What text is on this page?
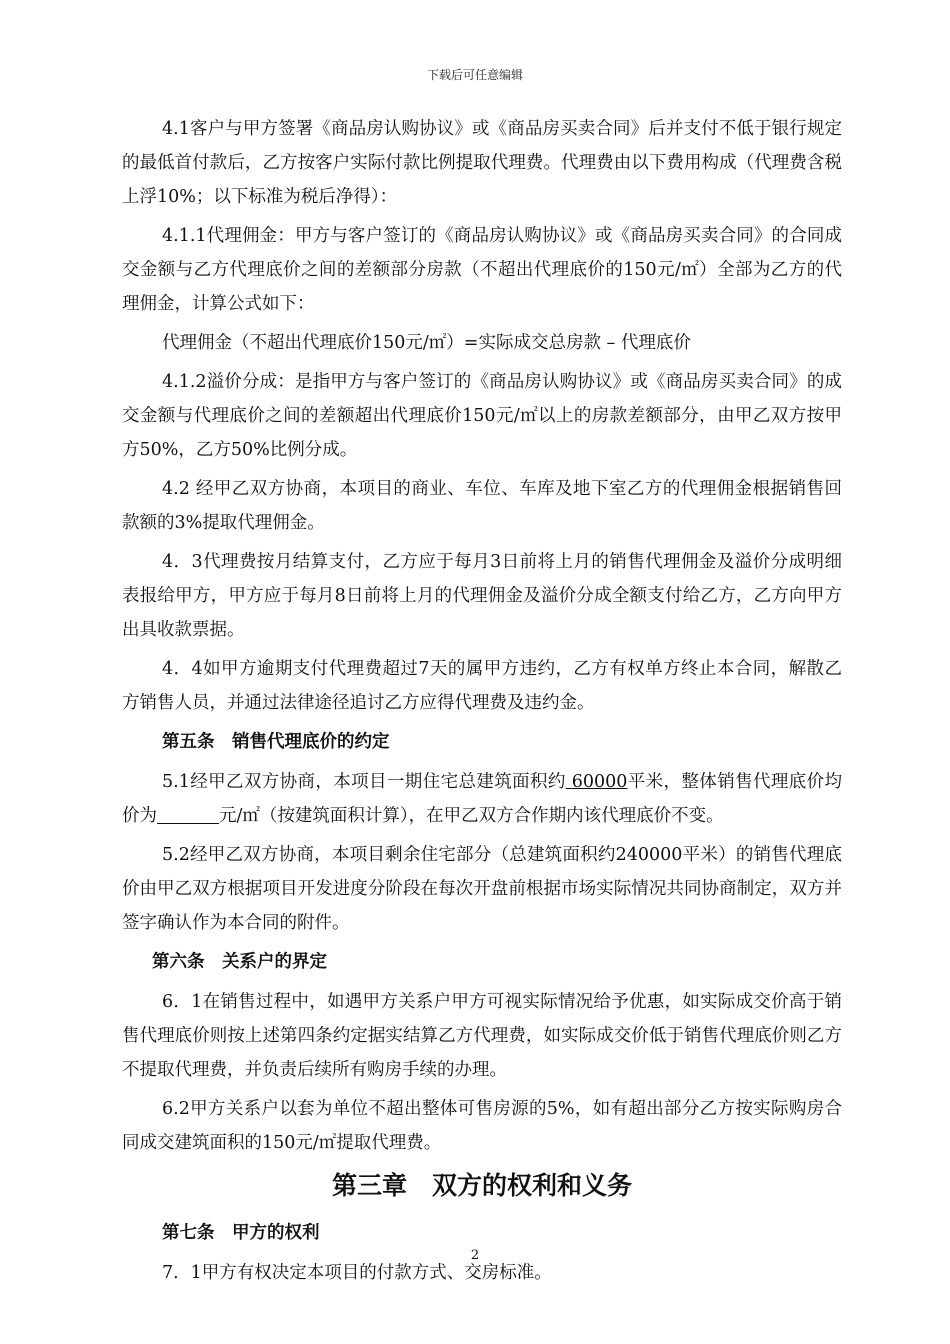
下载后可任意编辑

4.1客户与甲方签署《商品房认购协议》或《商品房买卖合同》后并支付不低于银行规定的最低首付款后，乙方按客户实际付款比例提取代理费。代理费由以下费用构成（代理费含税上浮10%；以下标准为税后净得）：

4.1.1代理佣金：甲方与客户签订的《商品房认购协议》或《商品房买卖合同》的合同成交金额与乙方代理底价之间的差额部分房款（不超出代理底价的150元/㎡）全部为乙方的代理佣金，计算公式如下：

代理佣金（不超出代理底价150元/㎡）=实际成交总房款 – 代理底价

4.1.2溢价分成：是指甲方与客户签订的《商品房认购协议》或《商品房买卖合同》的成交金额与代理底价之间的差额超出代理底价150元/㎡以上的房款差额部分，由甲乙双方按甲方50%，乙方50%比例分成。

4.2 经甲乙双方协商，本项目的商业、车位、车库及地下室乙方的代理佣金根据销售回款额的3%提取代理佣金。

4．3代理费按月结算支付，乙方应于每月3日前将上月的销售代理佣金及溢价分成明细表报给甲方，甲方应于每月8日前将上月的代理佣金及溢价分成全额支付给乙方，乙方向甲方出具收款票据。

4．4如甲方逾期支付代理费超过7天的属甲方违约，乙方有权单方终止本合同，解散乙方销售人员，并通过法律途径追讨乙方应得代理费及违约金。

第五条　销售代理底价的约定

5.1经甲乙双方协商，本项目一期住宅总建筑面积约 60000平米，整体销售代理底价均价为	元/㎡（按建筑面积计算），在甲乙双方合作期内该代理底价不变。

5.2经甲乙双方协商，本项目剩余住宅部分（总建筑面积约240000平米）的销售代理底价由甲乙双方根据项目开发进度分阶段在每次开盘前根据市场实际情况共同协商制定，双方并签字确认作为本合同的附件。

第六条　关系户的界定

6．1在销售过程中，如遇甲方关系户甲方可视实际情况给予优惠，如实际成交价高于销售代理底价则按上述第四条约定据实结算乙方代理费，如实际成交价低于销售代理底价则乙方不提取代理费，并负责后续所有购房手续的办理。

6.2甲方关系户以套为单位不超出整体可售房源的5%，如有超出部分乙方按实际购房合同成交建筑面积的150元/㎡提取代理费。

第三章　双方的权利和义务
第七条　甲方的权利

7．1甲方有权决定本项目的付款方式、交房标准。

2
